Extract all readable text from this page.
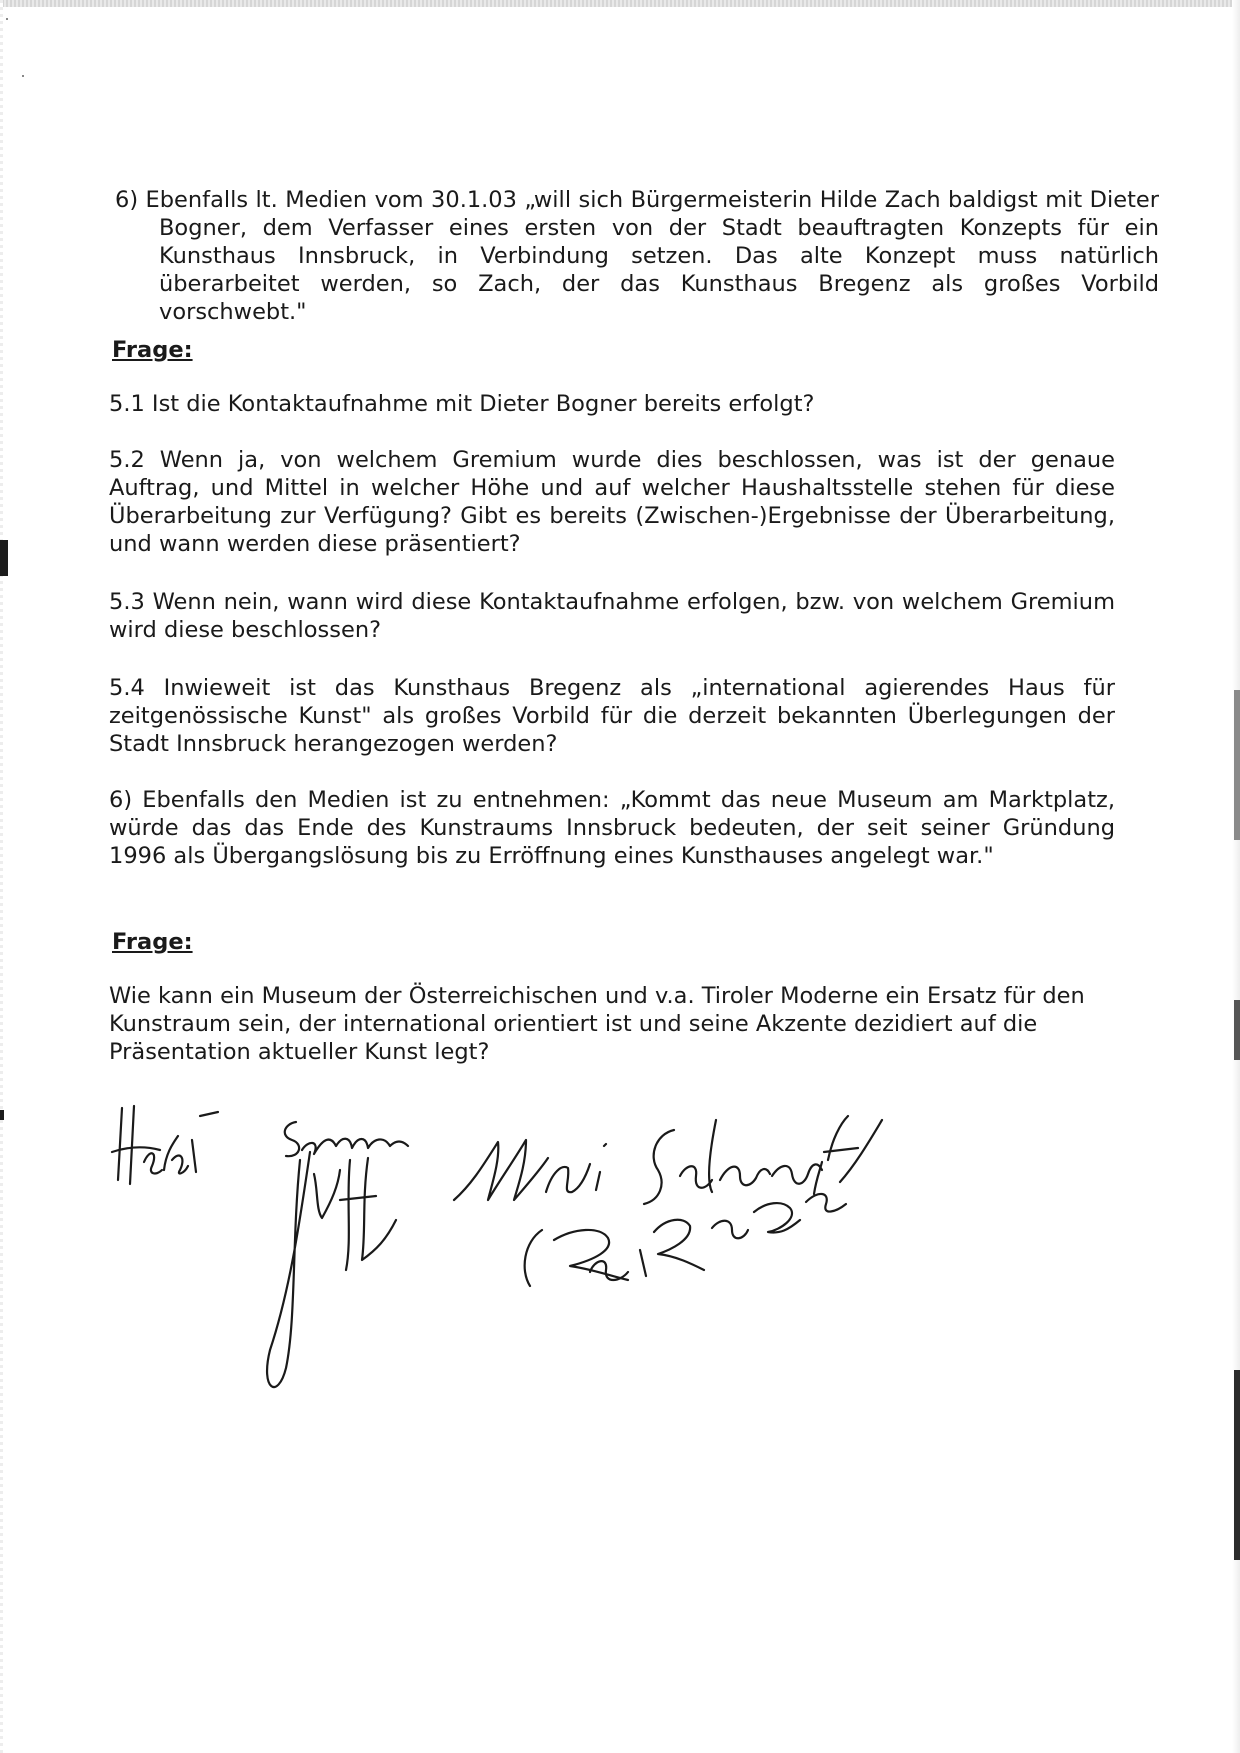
6) Ebenfalls lt. Medien vom 30.1.03 „will sich Bürgermeisterin Hilde Zach baldigst mit Dieter Bogner, dem Verfasser eines ersten von der Stadt beauftragten Konzepts für ein Kunsthaus Innsbruck, in Verbindung setzen. Das alte Konzept muss natürlich überarbeitet werden, so Zach, der das Kunsthaus Bregenz als großes Vorbild vorschwebt."

Frage:

5.1 Ist die Kontaktaufnahme mit Dieter Bogner bereits erfolgt?

5.2 Wenn ja, von welchem Gremium wurde dies beschlossen, was ist der genaue Auftrag, und Mittel in welcher Höhe und auf welcher Haushaltsstelle stehen für diese Überarbeitung zur Verfügung? Gibt es bereits (Zwischen-)Ergebnisse der Überarbeitung, und wann werden diese präsentiert?

5.3 Wenn nein, wann wird diese Kontaktaufnahme erfolgen, bzw. von welchem Gremium wird diese beschlossen?

5.4 Inwieweit ist das Kunsthaus Bregenz als „international agierendes Haus für zeitgenössische Kunst" als großes Vorbild für die derzeit bekannten Überlegungen der Stadt Innsbruck herangezogen werden?

6) Ebenfalls den Medien ist zu entnehmen: „Kommt das neue Museum am Marktplatz, würde das das Ende des Kunstraums Innsbruck bedeuten, der seit seiner Gründung 1996 als Übergangslösung bis zu Erröffnung eines Kunsthauses angelegt war."

Frage:

Wie kann ein Museum der Österreichischen und v.a. Tiroler Moderne ein Ersatz für den Kunstraum sein, der international orientiert ist und seine Akzente dezidiert auf die Präsentation aktueller Kunst legt?
